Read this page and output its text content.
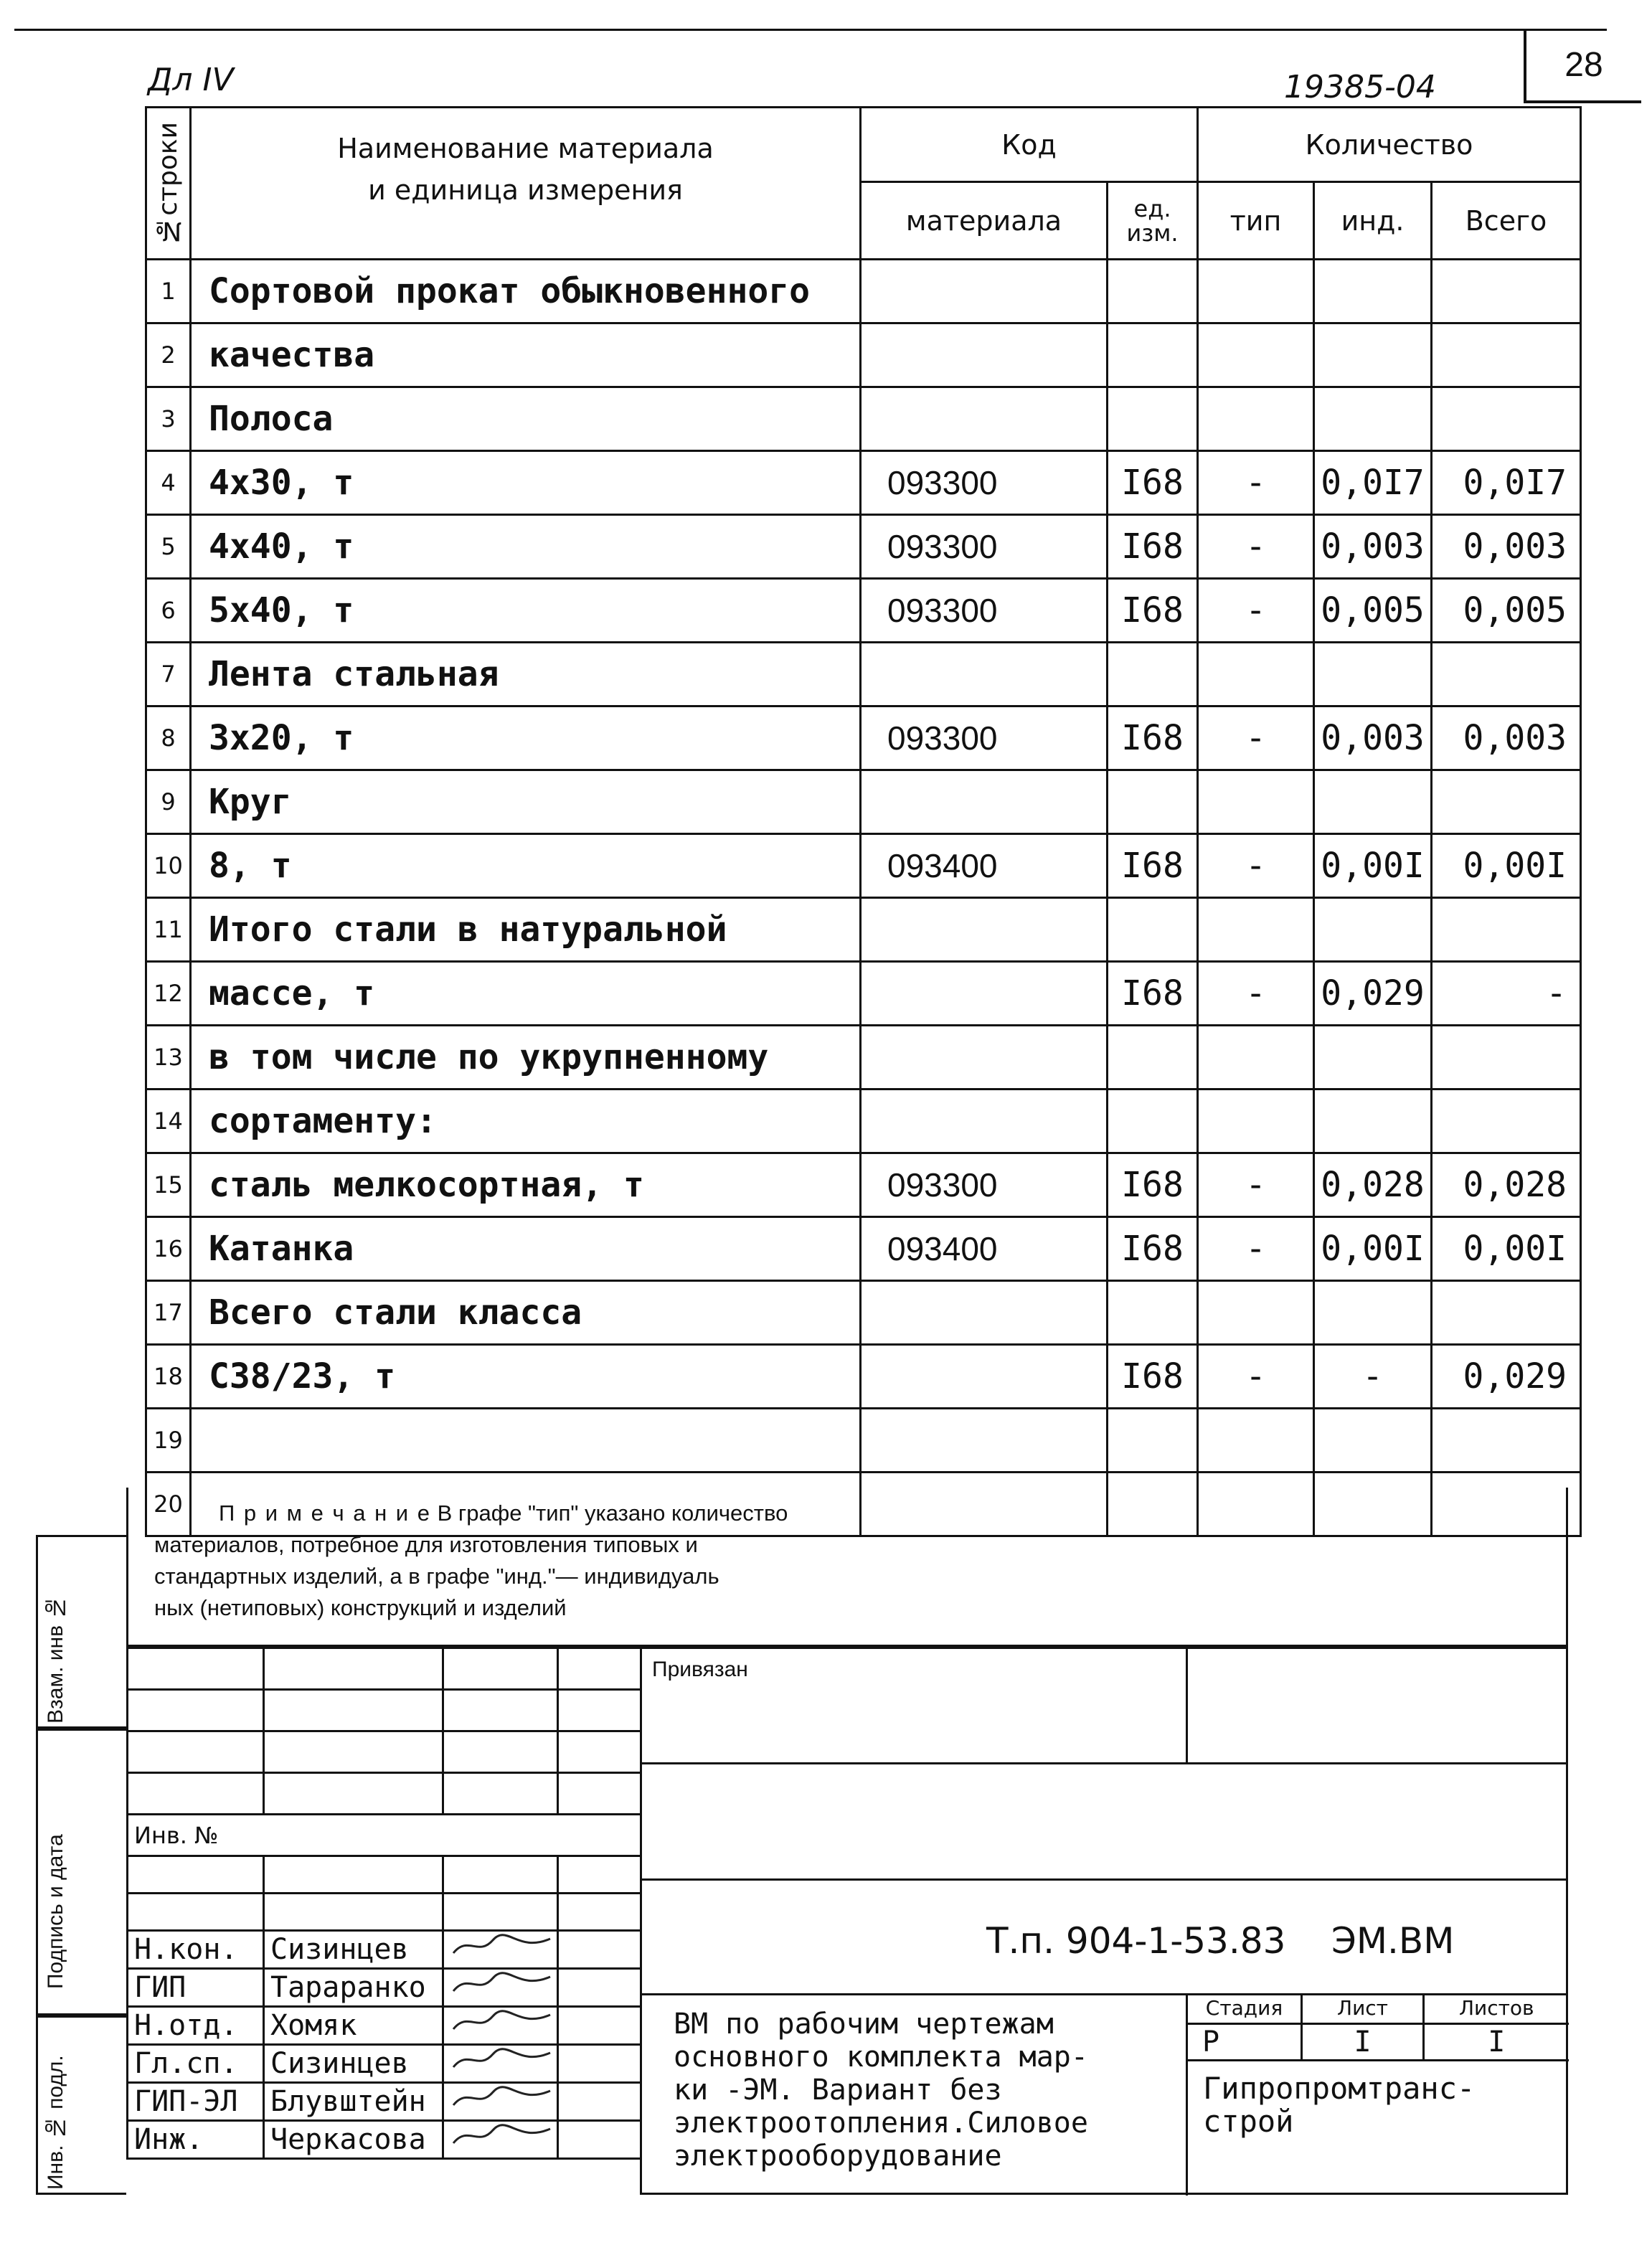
28
Дл IV	19385-04
№строки	Наименование материала
и единица измерения	Код		Количество		
		материала	ед. изм.	тип	инд.	Всего
1	Сортовой прокат обыкновенного					
2	качества					
3	Полоса					
4	4х30, т	093300	I68	-	0,0I7	0,0I7
5	4х40, т	093300	I68	-	0,003	0,003
6	5х40, т	093300	I68	-	0,005	0,005
7	Лента стальная					
8	3х20, т	093300	I68	-	0,003	0,003
9	Круг					
10	8, т	093400	I68	-	0,00I	0,00I
11	Итого стали в натуральной					
12	массе, т		I68	-	0,029	-
13	в том числе по укрупненному					
14	сортаменту:					
15	сталь мелкосортная, т	093300	I68	-	0,028	0,028
16	Катанка	093400	I68	-	0,00I	0,00I
17	Всего стали класса					
18	С38/23, т		I68	-	-	0,029
19						
20							П р и м е ч а н и е В графе "тип" указано количество
материалов, потребное для изготовления типовых и
стандартных изделий, а в графе "инд."— индивидуаль
ных (нетиповых) конструкций и изделий
Взам. инв №
Подпись и дата
Инв. № подл.

Инв. №			

Н.кон.	Сизинцев		
ГИП	Тараранко		
Н.отд.	Хомяк		
Гл.сп.	Сизинцев		
ГИП-ЭЛ	Блувштейн		
Инж.	Черкасова		
Привязан
Т.п. 904-1-53.83    ЭМ.ВМ
ВМ по рабочим чертежам
основного комплекта мар-
ки -ЭМ. Вариант без
электроотопления.Силовое
электрооборудование
Стадия	Лист	Листов
Р	I	I
Гипропромтранс-
строй
